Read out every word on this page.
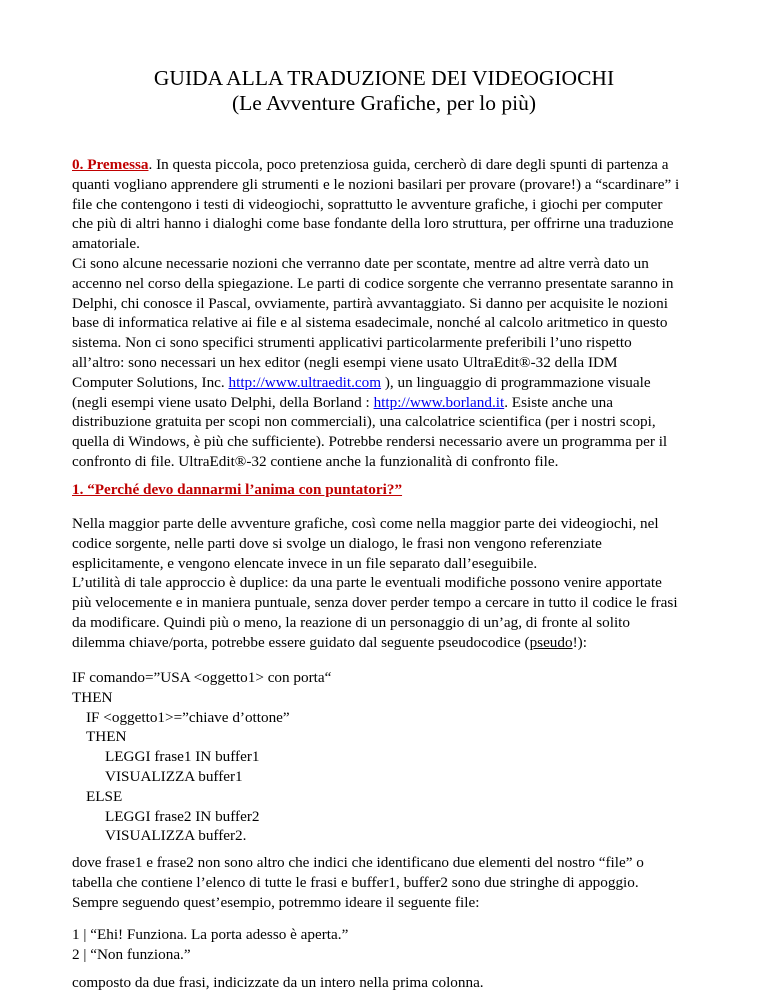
GUIDA ALLA TRADUZIONE DEI VIDEOGIOCHI
(Le Avventure Grafiche, per lo più)
0. Premessa. In questa piccola, poco pretenziosa guida, cercherò di dare degli spunti di partenza a
quanti vogliano apprendere gli strumenti e le nozioni basilari per provare (provare!) a “scardinare” i
file che contengono i testi di videogiochi, soprattutto le avventure grafiche, i giochi per computer
che più di altri hanno i dialoghi come base fondante della loro struttura, per offrirne una traduzione
amatoriale.
Ci sono alcune necessarie nozioni che verranno date per scontate, mentre ad altre verrà dato un
accenno nel corso della spiegazione. Le parti di codice sorgente che verranno presentate saranno in
Delphi, chi conosce il Pascal, ovviamente, partirà avvantaggiato. Si danno per acquisite le nozioni
base di informatica relative ai file e al sistema esadecimale, nonché al calcolo aritmetico in questo
sistema. Non ci sono specifici strumenti applicativi particolarmente preferibili l’uno rispetto
all’altro: sono necessari un hex editor (negli esempi viene usato UltraEdit®-32 della IDM
Computer Solutions, Inc. http://www.ultraedit.com ), un linguaggio di programmazione visuale
(negli esempi viene usato Delphi, della Borland : http://www.borland.it. Esiste anche una
distribuzione gratuita per scopi non commerciali), una calcolatrice scientifica (per i nostri scopi,
quella di Windows, è più che sufficiente). Potrebbe rendersi necessario avere un programma per il
confronto di file. UltraEdit®-32 contiene anche la funzionalità di confronto file.
1. “Perché devo dannarmi l’anima con puntatori?”
Nella maggior parte delle avventure grafiche, così come nella maggior parte dei videogiochi, nel
codice sorgente, nelle parti dove si svolge un dialogo, le frasi non vengono referenziate
esplicitamente, e vengono elencate invece in un file separato dall’eseguibile.
L’utilità di tale approccio è duplice: da una parte le eventuali modifiche possono venire apportate
più velocemente e in maniera puntuale, senza dover perder tempo a cercare in tutto il codice le frasi
da modificare. Quindi più o meno, la reazione di un personaggio di un’ag, di fronte al solito
dilemma chiave/porta, potrebbe essere guidato dal seguente pseudocodice (pseudo!):
IF comando=”USA <oggetto1> con porta“
THEN
IF <oggetto1>=”chiave d’ottone”
THEN
LEGGI frase1 IN buffer1
VISUALIZZA buffer1
ELSE
LEGGI frase2 IN buffer2
VISUALIZZA buffer2.
dove frase1 e frase2 non sono altro che indici che identificano due elementi del nostro “file” o
tabella che contiene l’elenco di tutte le frasi e buffer1, buffer2 sono due stringhe di appoggio.
Sempre seguendo quest’esempio, potremmo ideare il seguente file:
1 | “Ehi! Funziona. La porta adesso è aperta.”
2 | “Non funziona.”
composto da due frasi, indicizzate da un intero nella prima colonna.
